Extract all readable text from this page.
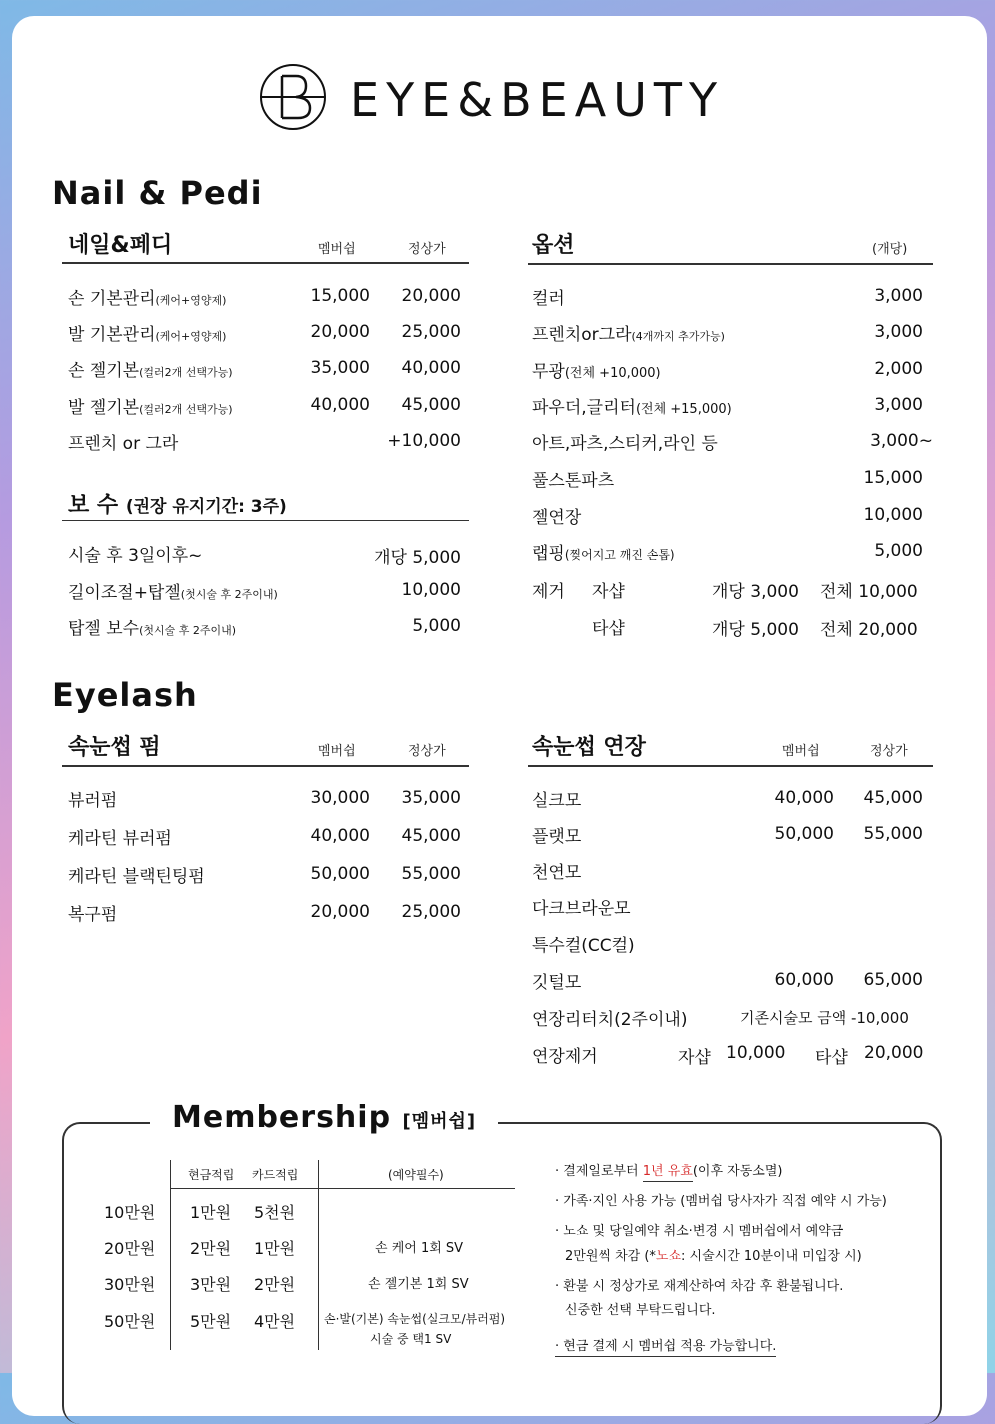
EYE&BEAUTY
Nail & Pedi
네일&페디	멤버쉽	정상가
손 기본관리(케어+영양제)	15,000	20,000
발 기본관리(케어+영양제)	20,000	25,000
손 젤기본(컬러2개 선택가능)	35,000	40,000
발 젤기본(컬러2개 선택가능)	40,000	45,000
프렌치 or 그라	+10,000
보 수 (권장 유지기간: 3주)
시술 후 3일이후~	개당 5,000
길이조절+탑젤(첫시술 후 2주이내)	10,000
탑젤 보수(첫시술 후 2주이내)	5,000
옵션	(개당)
컬러	3,000
프렌치or그라(4개까지 추가가능)	3,000
무광(전체 +10,000)	2,000
파우더,글리터(전체 +15,000)	3,000
아트,파츠,스티커,라인 등	3,000~
풀스톤파츠	15,000
젤연장	10,000
랩핑(찢어지고 깨진 손톱)	5,000
제거 자샵	개당 3,000 전체 10,000
타샵	개당 5,000 전체 20,000
Eyelash
속눈썹 펌	멤버쉽	정상가
뷰러펌	30,000	35,000
케라틴 뷰러펌	40,000	45,000
케라틴 블랙틴팅펌	50,000	55,000
복구펌	20,000	25,000
속눈썹 연장	멤버쉽	정상가
실크모	40,000	45,000
플랫모	50,000	55,000
천연모
다크브라운모
특수컬(CC컬)
깃털모	60,000	65,000
연장리터치(2주이내)	기존시술모 금액 -10,000
연장제거	자샵 10,000 타샵 20,000
Membership [멤버쉽]
현금적립 카드적립	(예약필수)
10만원 1만원 5천원
20만원 2만원 1만원	손 케어 1회 SV
30만원 3만원 2만원	손 젤기본 1회 SV
50만원 5만원 4만원 손·발(기본) 속눈썹(실크모/뷰러펌)
시술 중 택1 SV
· 결제일로부터 1년 유효(이후 자동소멸)
· 가족·지인 사용 가능 (멤버쉽 당사자가 직접 예약 시 가능)
· 노쇼 및 당일예약 취소·변경 시 멤버쉽에서 예약금
2만원씩 차감 (*노쇼: 시술시간 10분이내 미입장 시)
· 환불 시 정상가로 재계산하여 차감 후 환불됩니다.
신중한 선택 부탁드립니다.
· 현금 결제 시 멤버쉽 적용 가능합니다.
